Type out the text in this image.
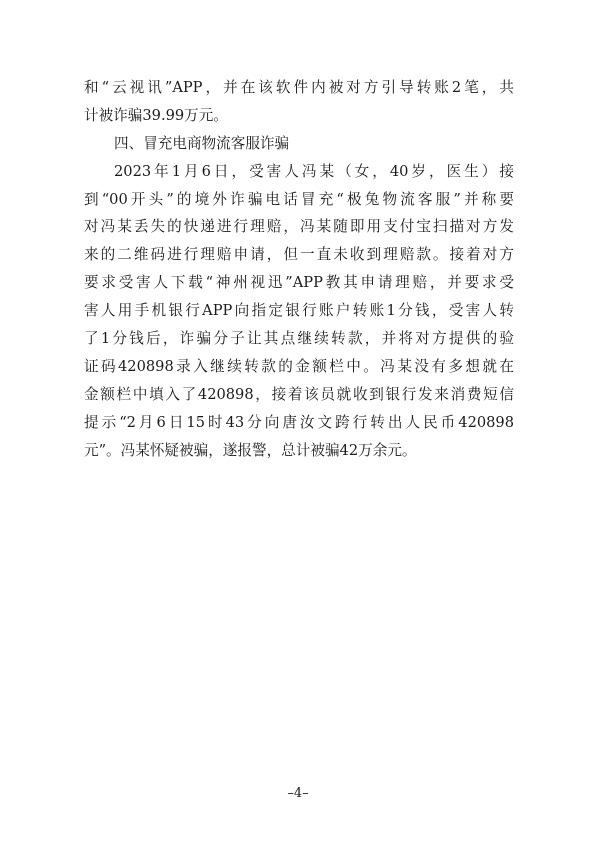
和“云视讯”APP，并在该软件内被对方引导转账2笔，共
计被诈骗39.99万元。
四、冒充电商物流客服诈骗
2023年1月6日，受害人冯某（女，40岁，医生）接
到“00开头”的境外诈骗电话冒充“极兔物流客服”并称要
对冯某丢失的快递进行理赔，冯某随即用支付宝扫描对方发
来的二维码进行理赔申请，但一直未收到理赔款。接着对方
要求受害人下载“神州视迅”APP教其申请理赔，并要求受
害人用手机银行APP向指定银行账户转账1分钱，受害人转
了1分钱后，诈骗分子让其点继续转款，并将对方提供的验
证码420898录入继续转款的金额栏中。冯某没有多想就在
金额栏中填入了420898，接着该员就收到银行发来消费短信
提示“2月6日15时43分向唐汝文跨行转出人民币420898
元”。冯某怀疑被骗，遂报警，总计被骗42万余元。
–4–
